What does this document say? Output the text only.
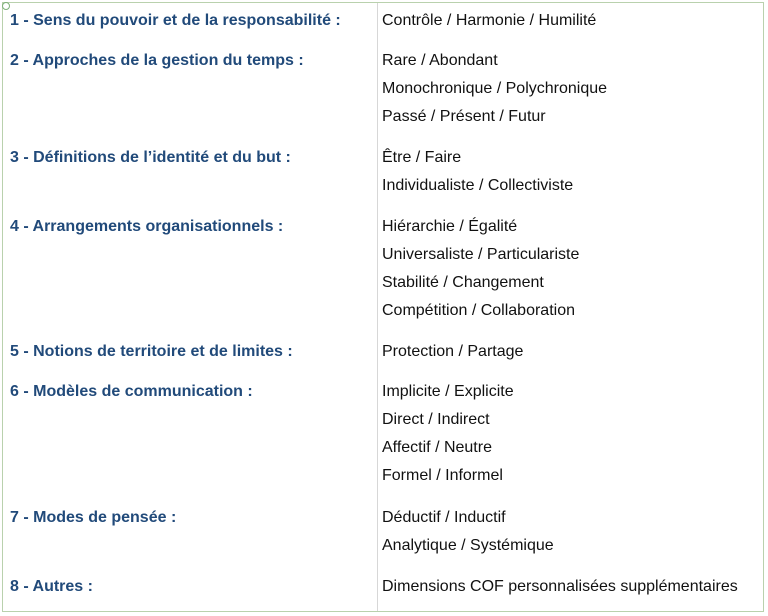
1 - Sens du pouvoir et de la responsabilité :	Contrôle / Harmonie / Humilité
2 - Approches de la gestion du temps :	Rare / Abondant
Monochronique / Polychronique
Passé / Présent / Futur
3 - Définitions de l’identité et du but :	Être / Faire
Individualiste / Collectiviste
4 - Arrangements organisationnels :	Hiérarchie / Égalité
Universaliste / Particulariste
Stabilité / Changement
Compétition / Collaboration
5 - Notions de territoire et de limites :	Protection / Partage
6 - Modèles de communication :	Implicite / Explicite
Direct / Indirect
Affectif / Neutre
Formel / Informel
7 - Modes de pensée :	Déductif / Inductif
Analytique / Systémique
8 - Autres :	Dimensions COF personnalisées supplémentaires
